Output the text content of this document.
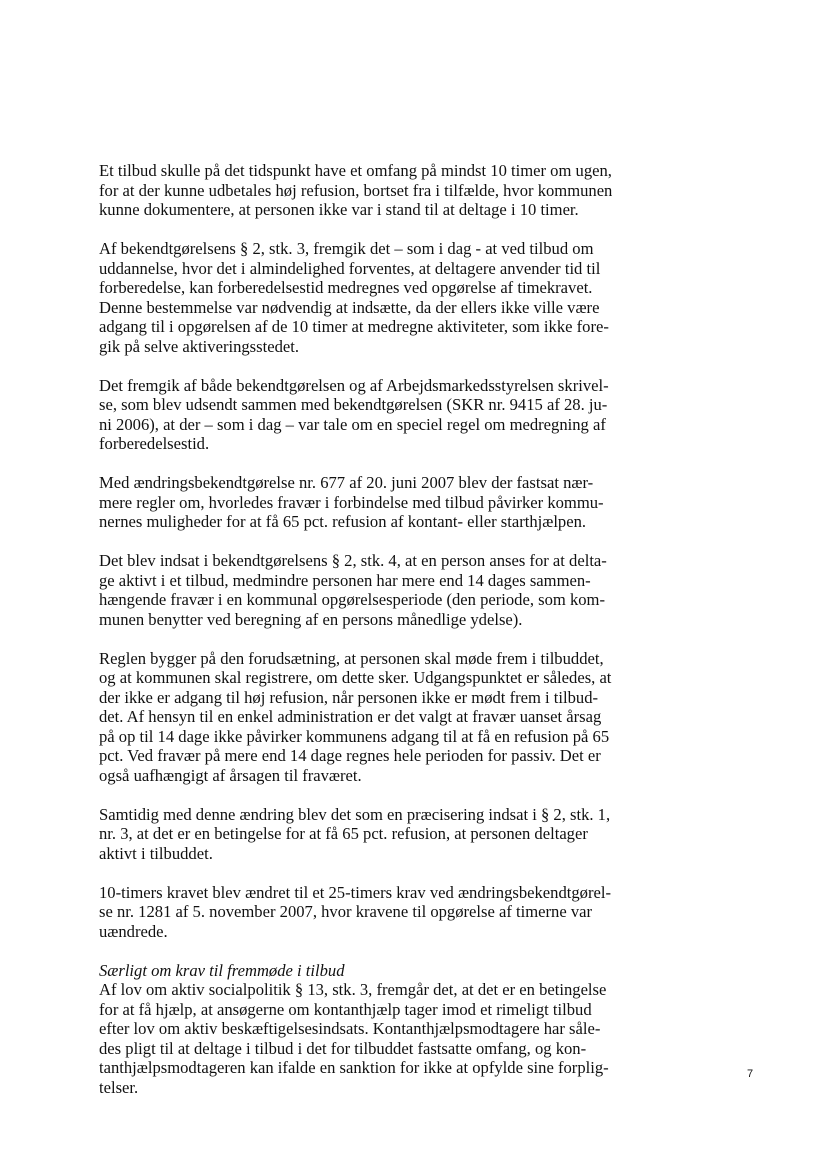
Et tilbud skulle på det tidspunkt have et omfang på mindst 10 timer om ugen,
for at der kunne udbetales høj refusion, bortset fra i tilfælde, hvor kommunen
kunne dokumentere, at personen ikke var i stand til at deltage i 10 timer.
Af bekendtgørelsens § 2, stk. 3, fremgik det – som i dag - at ved tilbud om
uddannelse, hvor det i almindelighed forventes, at deltagere anvender tid til
forberedelse, kan forberedelsestid medregnes ved opgørelse af timekravet.
Denne bestemmelse var nødvendig at indsætte, da der ellers ikke ville være
adgang til i opgørelsen af de 10 timer at medregne aktiviteter, som ikke fore-
gik på selve aktiveringsstedet.
Det fremgik af både bekendtgørelsen og af Arbejdsmarkedsstyrelsen skrivel-
se, som blev udsendt sammen med bekendtgørelsen (SKR nr. 9415 af 28. ju-
ni 2006), at der – som i dag – var tale om en speciel regel om medregning af
forberedelsestid.
Med ændringsbekendtgørelse nr. 677 af 20. juni 2007 blev der fastsat nær-
mere regler om, hvorledes fravær i forbindelse med tilbud påvirker kommu-
nernes muligheder for at få 65 pct. refusion af kontant- eller starthjælpen.
Det blev indsat i bekendtgørelsens § 2, stk. 4, at en person anses for at delta-
ge aktivt i et tilbud, medmindre personen har mere end 14 dages sammen-
hængende fravær i en kommunal opgørelsesperiode (den periode, som kom-
munen benytter ved beregning af en persons månedlige ydelse).
Reglen bygger på den forudsætning, at personen skal møde frem i tilbuddet,
og at kommunen skal registrere, om dette sker. Udgangspunktet er således, at
der ikke er adgang til høj refusion, når personen ikke er mødt frem i tilbud-
det. Af hensyn til en enkel administration er det valgt at fravær uanset årsag
på op til 14 dage ikke påvirker kommunens adgang til at få en refusion på 65
pct. Ved fravær på mere end 14 dage regnes hele perioden for passiv. Det er
også uafhængigt af årsagen til fraværet.
Samtidig med denne ændring blev det som en præcisering indsat i § 2, stk. 1,
nr. 3, at det er en betingelse for at få 65 pct. refusion, at personen deltager
aktivt i tilbuddet.
10-timers kravet blev ændret til et 25-timers krav ved ændringsbekendtgørel-
se nr. 1281 af 5. november 2007, hvor kravene til opgørelse af timerne var
uændrede.
Særligt om krav til fremmøde i tilbud
Af lov om aktiv socialpolitik § 13, stk. 3, fremgår det, at det er en betingelse
for at få hjælp, at ansøgerne om kontanthjælp tager imod et rimeligt tilbud
efter lov om aktiv beskæftigelsesindsats. Kontanthjælpsmodtagere har såle-
des pligt til at deltage i tilbud i det for tilbuddet fastsatte omfang, og kon-
tanthjælpsmodtageren kan ifalde en sanktion for ikke at opfylde sine forplig-
telser.
7
